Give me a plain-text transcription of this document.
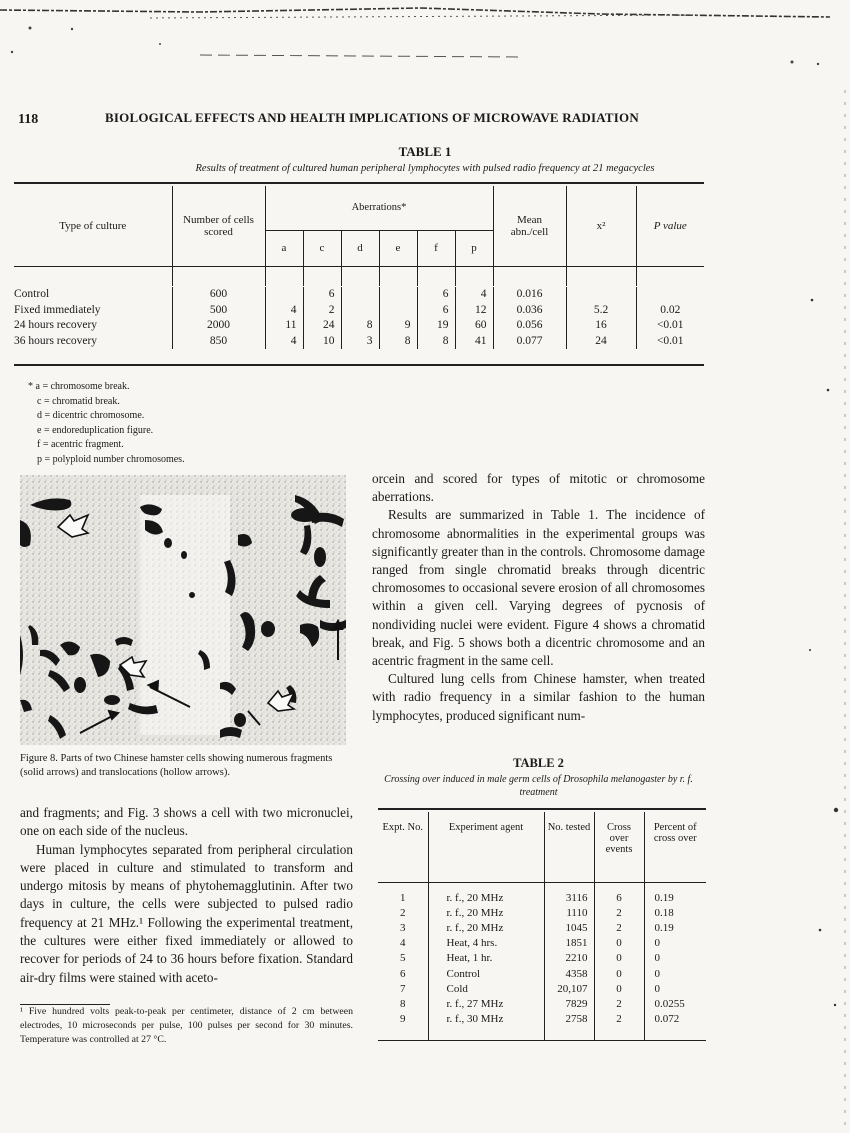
118	BIOLOGICAL EFFECTS AND HEALTH IMPLICATIONS OF MICROWAVE RADIATION
TABLE 1
Results of treatment of cultured human peripheral lymphocytes with pulsed radio frequency at 21 megacycles
Type of culture	Number of cells scored	Aberrations*						Mean abn./cell	x²	P value
		a	c	d	e	f	p			

Control	600		6			6	4	0.016		
Fixed immediately	500	4	2			6	12	0.036	5.2	0.02
24 hours recovery	2000	11	24	8	9	19	60	0.056	16	<0.01
36 hours recovery	850	4	10	3	8	8	41	0.077	24	<0.01
* a = chromosome break.
c = chromatid break.
d = dicentric chromosome.
e = endoreduplication figure.
f = acentric fragment.
p = polyploid number chromosomes.
Figure 8. Parts of two Chinese hamster cells showing numerous fragments (solid arrows) and translocations (hollow arrows).

orcein and scored for types of mitotic or chromosome aberrations.

Results are summarized in Table 1. The incidence of chromosome abnormalities in the experimental groups was significantly greater than in the controls. Chromosome damage ranged from single chromatid breaks through dicentric chromosomes to occasional severe erosion of all chromosomes within a given cell. Varying degrees of pycnosis of nondividing nuclei were evident. Figure 4 shows a chromatid break, and Fig. 5 shows both a dicentric chromosome and an acentric fragment in the same cell.

Cultured lung cells from Chinese hamster, when treated with radio frequency in a similar fashion to the human lymphocytes, produced significant num-

and fragments; and Fig. 3 shows a cell with two micronuclei, one on each side of the nucleus.

Human lymphocytes separated from peripheral circulation were placed in culture and stimulated to transform and undergo mitosis by means of phytohemagglutinin. After two days in culture, the cells were subjected to pulsed radio frequency at 21 MHz.¹ Following the experimental treatment, the cultures were either fixed immediately or allowed to recover for periods of 24 to 36 hours before fixation. Standard air-dry films were stained with aceto-

¹ Five hundred volts peak-to-peak per centimeter, distance of 2 cm between electrodes, 10 microseconds per pulse, 100 pulses per second for 30 minutes. Temperature was controlled at 27 °C.
TABLE 2
Crossing over induced in male germ cells of Drosophila melanogaster by r. f. treatment
Expt. No.	Experiment agent	No. tested	Cross over events	Percent of cross over

1	r. f., 20 MHz	3116	6	0.19
2	r. f., 20 MHz	1110	2	0.18
3	r. f., 20 MHz	1045	2	0.19
4	Heat, 4 hrs.	1851	0	0
5	Heat, 1 hr.	2210	0	0
6	Control	4358	0	0
7	Cold	20,107	0	0
8	r. f., 27 MHz	7829	2	0.0255
9	r. f., 30 MHz	2758	2	0.072
